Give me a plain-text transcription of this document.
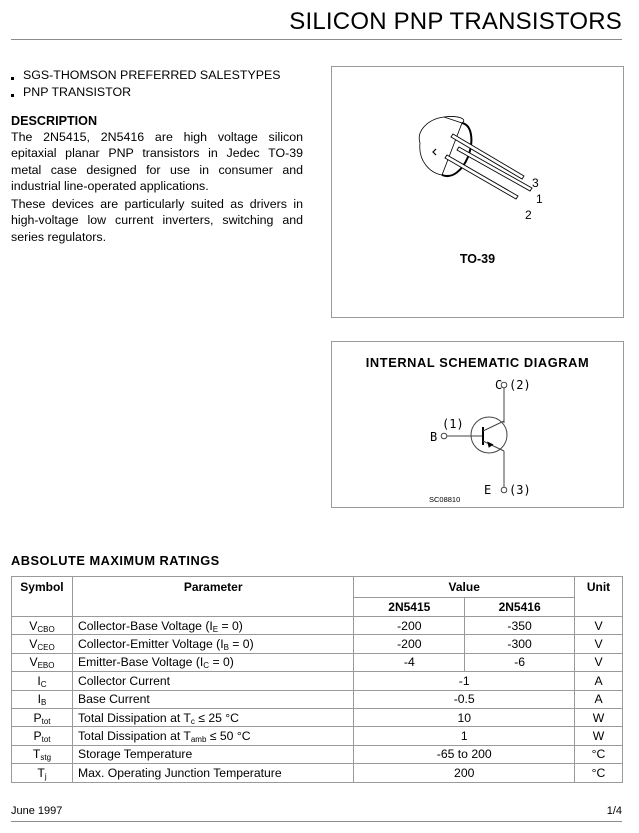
SILICON PNP TRANSISTORS
SGS-THOMSON PREFERRED SALESTYPES
PNP TRANSISTOR
DESCRIPTION

The 2N5415, 2N5416 are high voltage silicon epitaxial planar PNP transistors in Jedec TO-39 metal case designed for use in consumer and industrial line-operated applications.

These devices are particularly suited as drivers in high-voltage low current inverters, switching and series regulators.

3
1
2
TO-39
INTERNAL SCHEMATIC DIAGRAM
C (2)
B
(1)
E (3)
SC08810
ABSOLUTE MAXIMUM RATINGS
Symbol	Parameter	Value		Unit
		2N5415	2N5416	
$V_{CBO}$	Collector-Base Voltage $(I_E = 0)$	-200	-350	V
$V_{CEO}$	Collector-Emitter Voltage $(I_B = 0)$	-200	-300	V
$V_{EBO}$	Emitter-Base Voltage $(I_C = 0)$	-4	-6	V
$I_C$	Collector Current	-1		A
$I_B$	Base Current	-0.5		A
$P_{tot}$	Total Dissipation at $T_c \le 25$ °C	10		W
$P_{tot}$	Total Dissipation at $T_{amb} \le 50$ °C	1		W
$T_{stg}$	Storage Temperature	-65 to 200		°C
$T_j$	Max. Operating Junction Temperature	200		°C
June 1997	1/4
